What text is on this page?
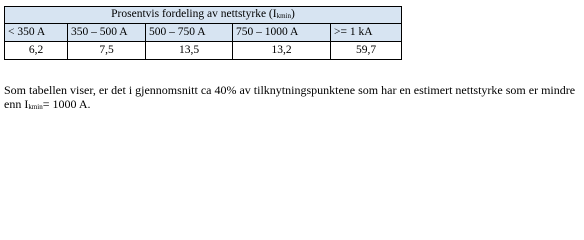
Prosentvis fordeling av nettstyrke $(I_{kmin})$				
< 350 A	350 – 500 A	500 – 750 A	750 – 1000 A	>= 1 kA
6,2	7,5	13,5	13,2	59,7

Som tabellen viser, er det i gjennomsnitt ca 40% av tilknytningspunktene som har en estimert nettstyrke som er mindre enn $I_{kmin}= 1000$ A.
